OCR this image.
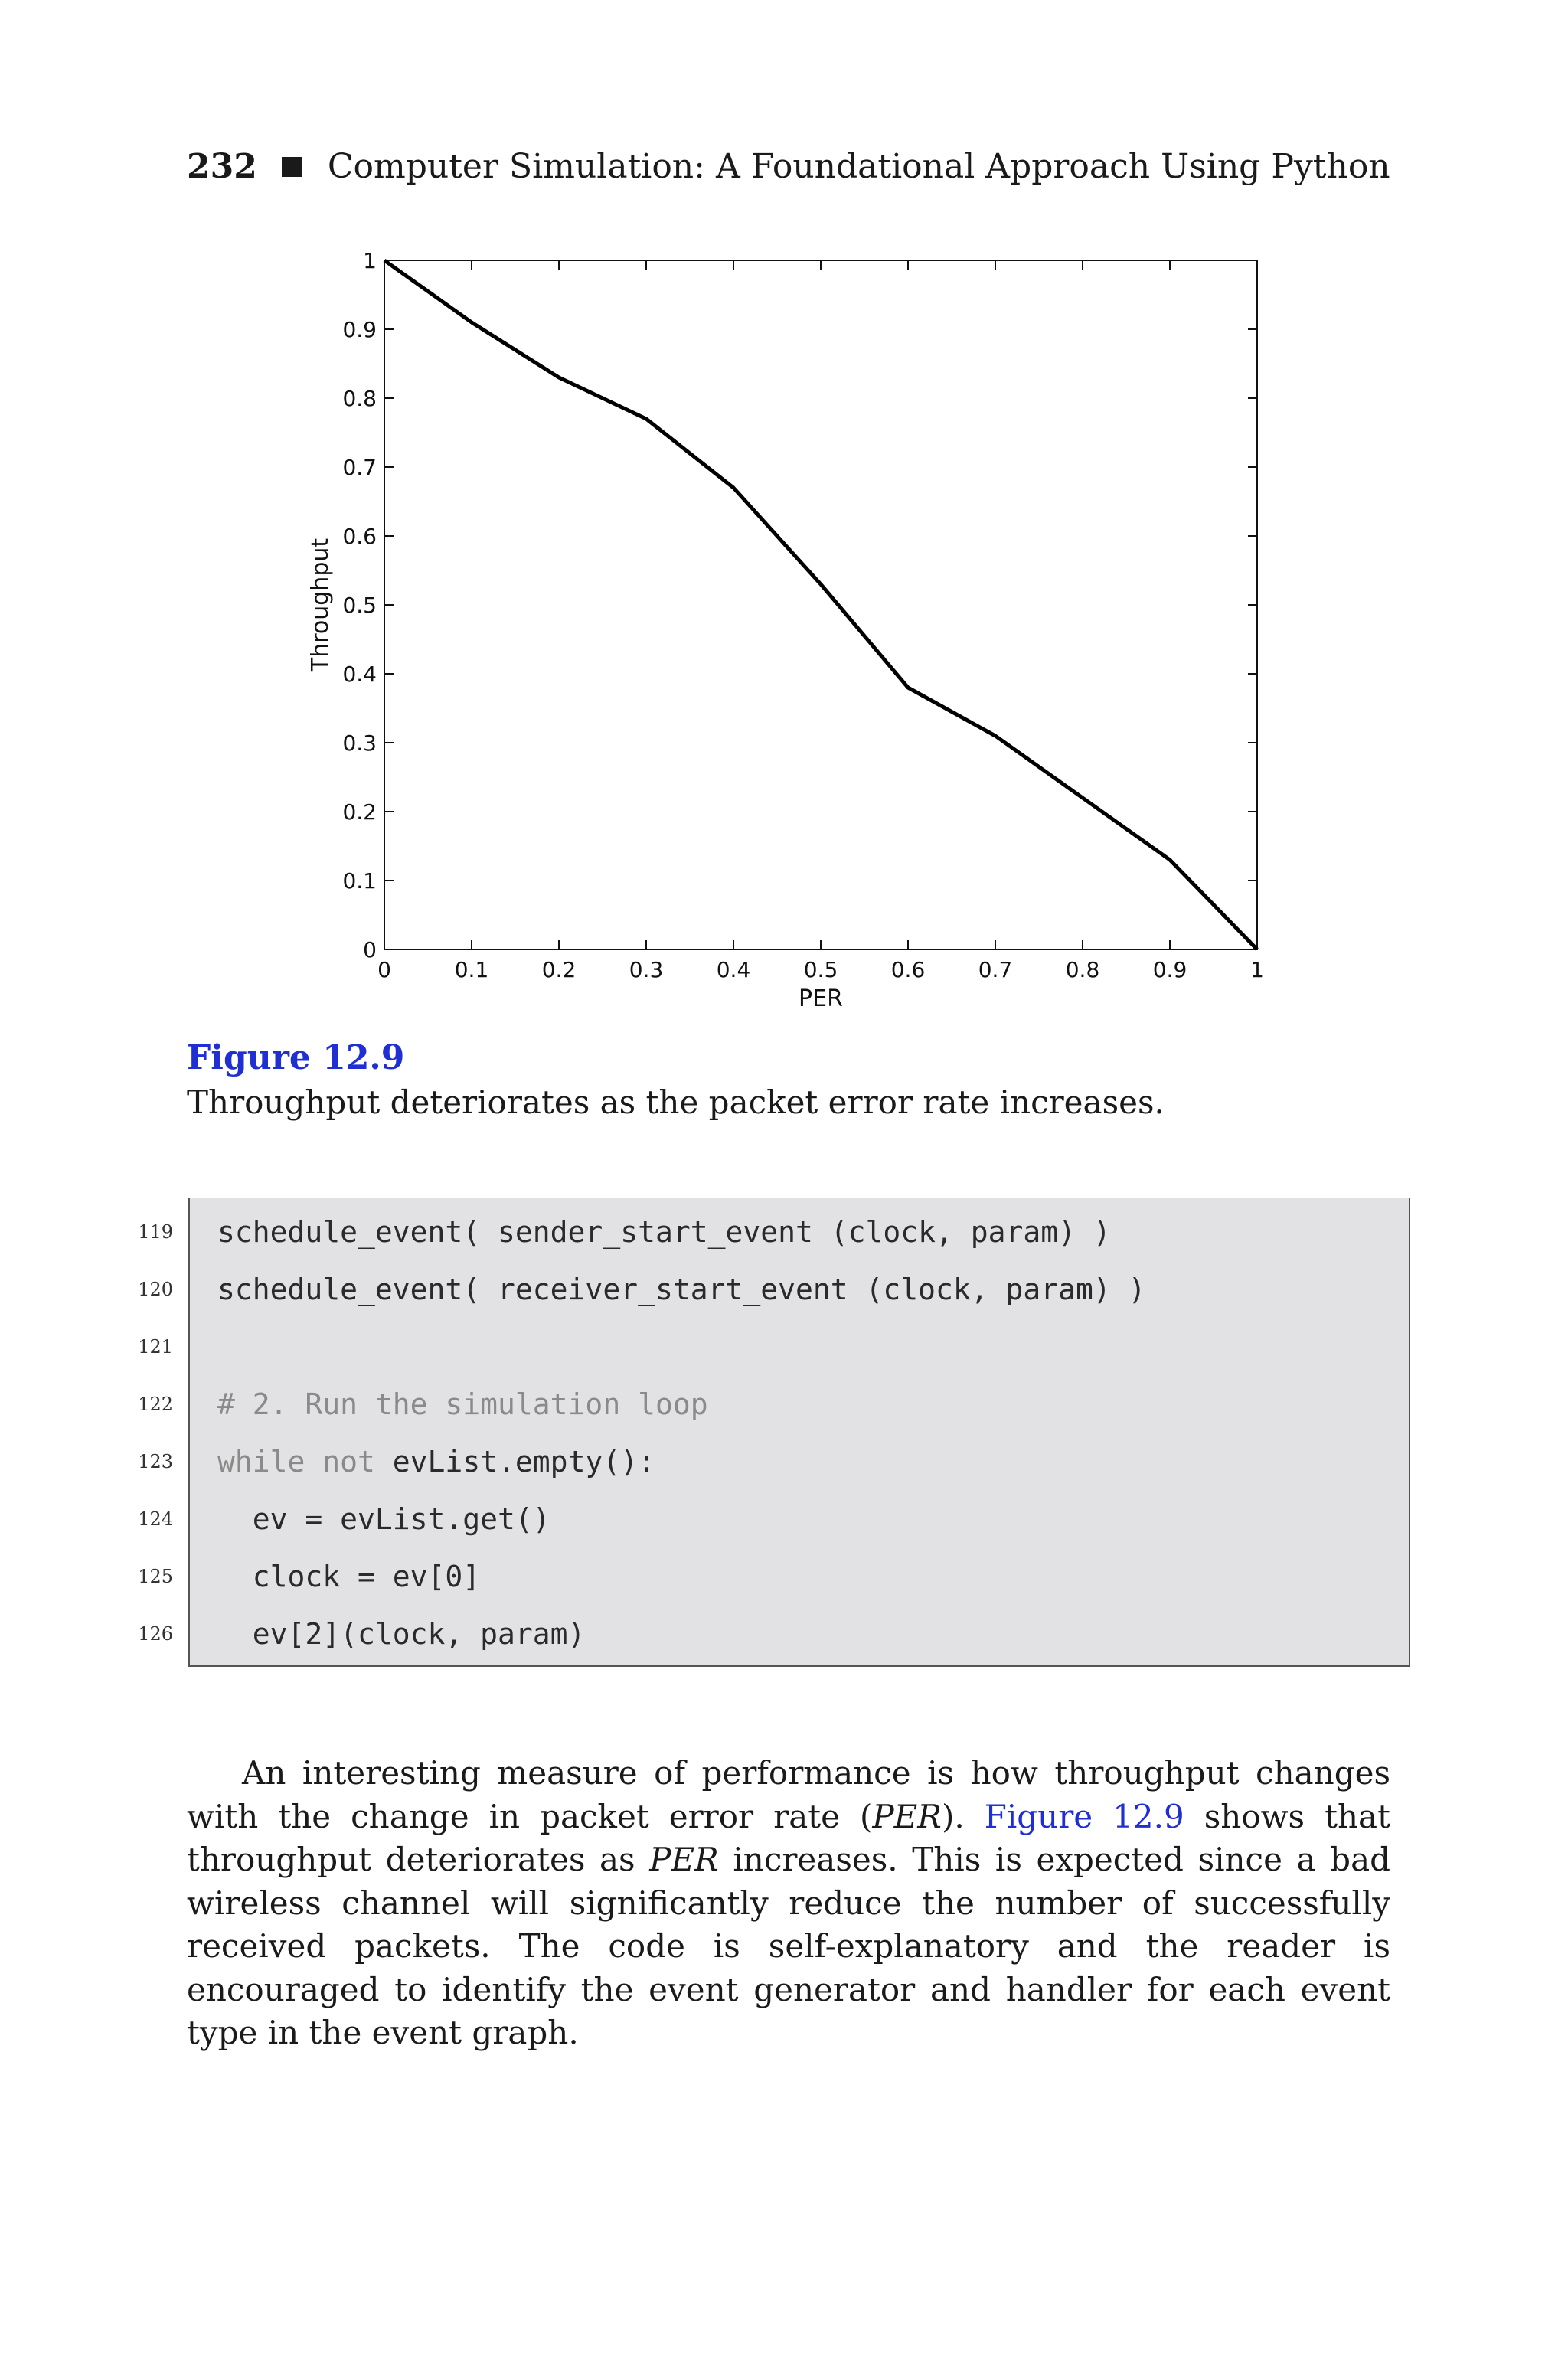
232 Computer Simulation: A Foundational Approach Using Python
0	0.1 0.2 0.3 0.4 0.5 0.6 0.7 0.8 0.9	1
0
0.1
0.2
0.3
0.4
0.5
0.6
0.7
0.8
0.9
1
PER
Throughput
Figure 12.9
Throughput deteriorates as the packet error rate increases.
119 schedule_event( sender_start_event (clock, param) )
120 schedule_event( receiver_start_event (clock, param) )
121
122 # 2. Run the simulation loop
123 while not evList.empty():
124 ev = evList.get()
125 clock = ev[0]
126 ev[2](clock, param)
An interesting measure of performance is how throughput changes with the change in packet error rate (PER). Figure 12.9 shows that throughput deteriorates as PER increases. This is expected since a bad wireless channel will significantly reduce the number of successfully received packets. The code is self-explanatory and the reader is encouraged to identify the event generator and handler for each event type in the event graph.
